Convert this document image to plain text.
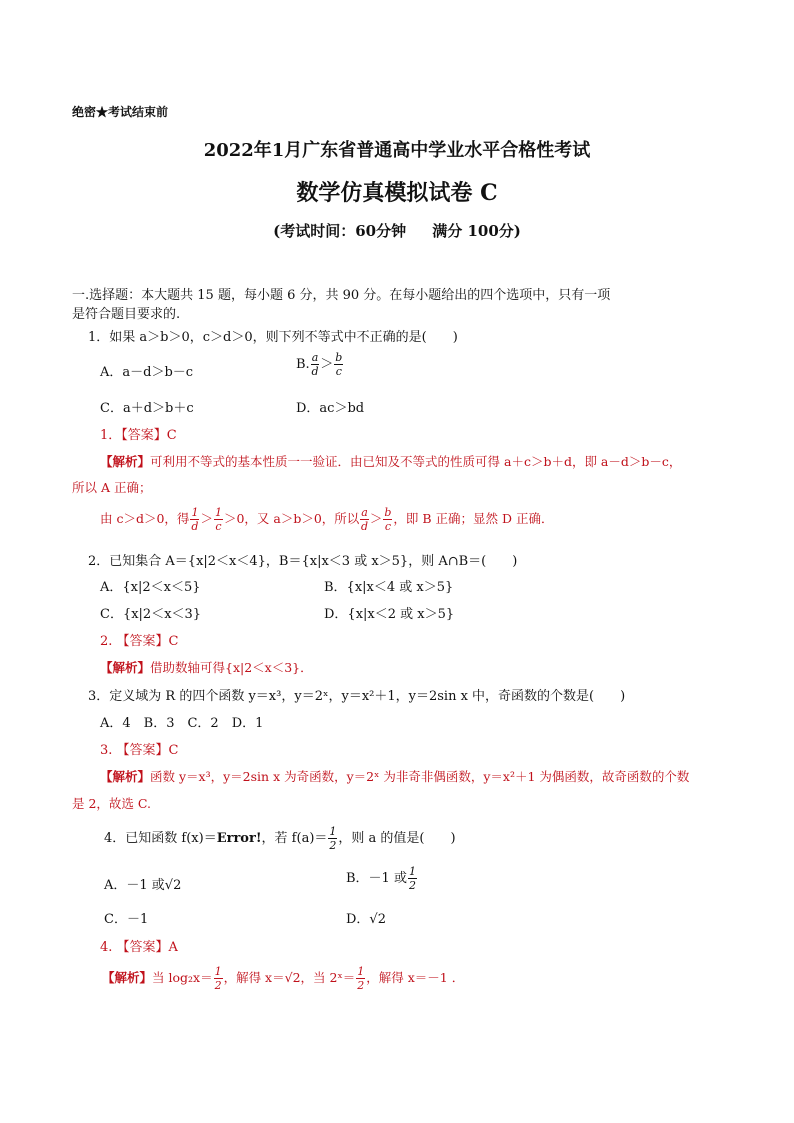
绝密★考试结束前
2022年1月广东省普通高中学业水平合格性考试
数学仿真模拟试卷 C
(考试时间：60分钟     满分 100分)
一.选择题：本大题共 15 题，每小题 6 分，共 90 分。在每小题给出的四个选项中，只有一项
是符合题目要求的.
1．如果 a＞b＞0，c＞d＞0，则下列不等式中不正确的是(　　)
A．a－d＞b－c
B. $\frac{a}{d} > \frac{b}{c}$
C．a＋d＞b＋c	D．ac＞bd
1．【答案】C
【解析】可利用不等式的基本性质一一验证．由已知及不等式的性质可得 a＋c＞b＋d，即 a－d＞b－c，
所以 A 正确；
由 c＞d＞0，得 $\frac{1}{d} > \frac{1}{c} >0$，又 a＞b＞0，所以 $\frac{a}{d} > \frac{b}{c}$ ，即 B 正确；显然 D 正确．
2．已知集合 A＝{x|2＜x＜4}，B＝{x|x＜3 或 x＞5}，则 A∩B＝(　　)
A．{x|2＜x＜5}	B．{x|x＜4 或 x＞5}
C．{x|2＜x＜3}	D．{x|x＜2 或 x＞5}
2. 【答案】C
【解析】借助数轴可得{x|2＜x＜3}．
3．定义域为 R 的四个函数 y＝x³，y＝2ˣ，y＝x²＋1，y＝2sin x 中，奇函数的个数是(　　)
A．4　B．3　C．2　D．1
3. 【答案】C
【解析】函数 y＝x³，y＝2sin x 为奇函数，y＝2ˣ 为非奇非偶函数，y＝x²＋1 为偶函数，故奇函数的个数
是 2，故选 C.
4．已知函数 f(x)＝Error!，若 $f(a)= \frac{1}{2}$ ，则 a 的值是(　　)
A．－1 或√2	B．－1 或 $\frac{1}{2}$
C．－1	D．√2
4. 【答案】A
【解析】当 $\log_2x= \frac{1}{2}$ ，解得 x＝√2，当 2ˣ＝ $\frac{1}{2}$ ，解得 x＝－1 ．
